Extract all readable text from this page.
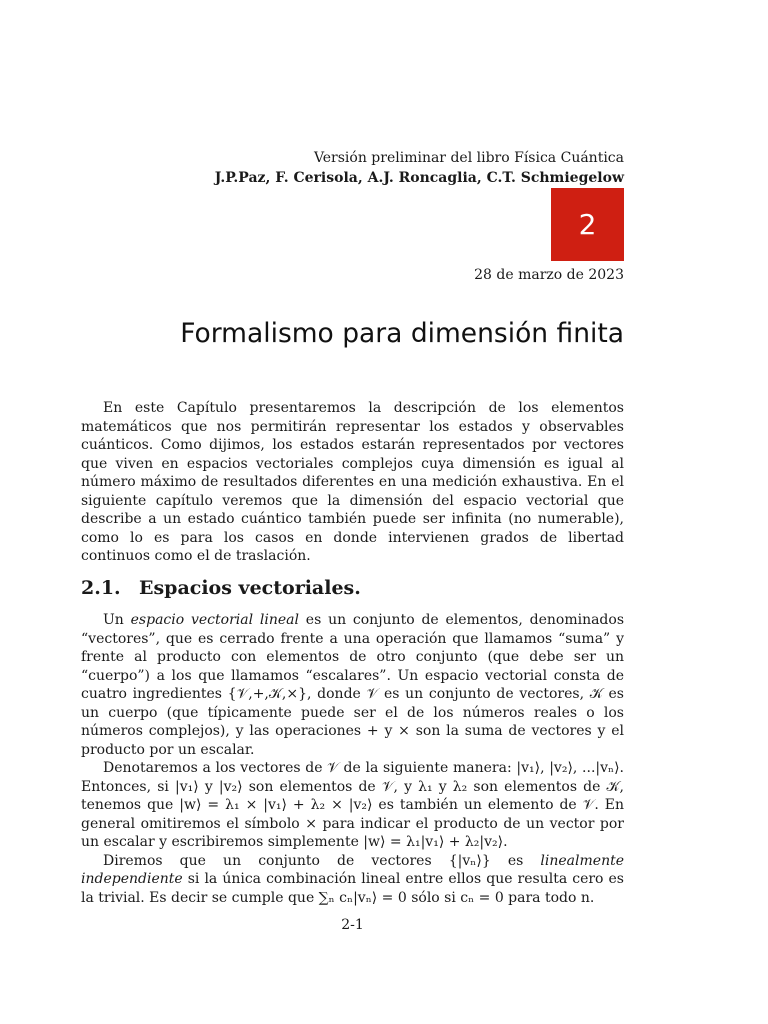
Versión preliminar del libro Física Cuántica
J.P.Paz, F. Cerisola, A.J. Roncaglia, C.T. Schmiegelow
2
28 de marzo de 2023
Formalismo para dimensión finita

En este Capítulo presentaremos la descripción de los elementos matemáticos que nos permitirán representar los estados y observables cuánticos. Como dijimos, los estados estarán representados por vectores que viven en espacios vectoriales complejos cuya dimensión es igual al número máximo de resultados diferentes en una medición exhaustiva. En el siguiente capítulo veremos que la dimensión del espacio vectorial que describe a un estado cuántico también puede ser infinita (no numerable), como lo es para los casos en donde intervienen grados de libertad continuos como el de traslación.

2.1. Espacios vectoriales.

Un espacio vectorial lineal es un conjunto de elementos, denominados “vectores”, que es cerrado frente a una operación que llamamos “suma” y frente al producto con elementos de otro conjunto (que debe ser un “cuerpo”) a los que llamamos “escalares”. Un espacio vectorial consta de cuatro ingredientes {𝒱,+,𝒦,×}, donde 𝒱 es un conjunto de vectores, 𝒦 es un cuerpo (que típicamente puede ser el de los números reales o los números complejos), y las operaciones + y × son la suma de vectores y el producto por un escalar.

Denotaremos a los vectores de 𝒱 de la siguiente manera: |v₁⟩, |v₂⟩, ...|vₙ⟩. Entonces, si |v₁⟩ y |v₂⟩ son elementos de 𝒱, y λ₁ y λ₂ son elementos de 𝒦, tenemos que |w⟩ = λ₁ × |v₁⟩ + λ₂ × |v₂⟩ es también un elemento de 𝒱. En general omitiremos el símbolo × para indicar el producto de un vector por un escalar y escribiremos simplemente |w⟩ = λ₁|v₁⟩ + λ₂|v₂⟩.

Diremos que un conjunto de vectores {|vₙ⟩} es linealmente independiente si la única combinación lineal entre ellos que resulta cero es la trivial. Es decir se cumple que ∑ₙ cₙ|vₙ⟩ = 0 sólo si cₙ = 0 para todo n.

2-1
